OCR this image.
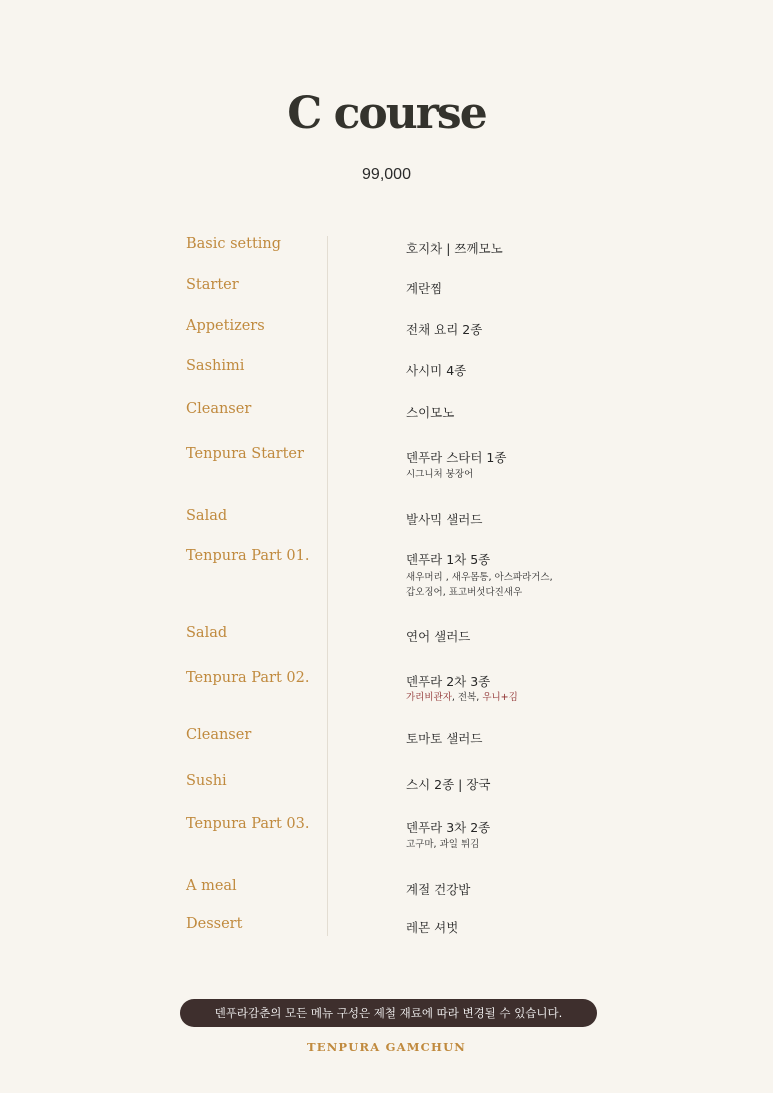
C course
99,000
Basic setting	호지차 | 쯔께모노
Starter	계란찜
Appetizers	전채 요리 2종
Sashimi	사시미 4종
Cleanser	스이모노
Tenpura Starter	덴푸라 스타터 1종
시그니처 붕장어
Salad	발사믹 샐러드
Tenpura Part 01.	덴푸라 1차 5종
새우머리 , 새우몸통, 아스파라거스,
갑오징어, 표고버섯다진새우
Salad	연어 샐러드
Tenpura Part 02.	덴푸라 2차 3종
가리비관자, 전복, 우니+김
Cleanser	토마토 샐러드
Sushi	스시 2종 | 장국
Tenpura Part 03.	덴푸라 3차 2종
고구마, 과일 튀김
A meal	계절 건강밥
Dessert	레몬 셔벗
덴푸라감춘의 모든 메뉴 구성은 제철 재료에 따라 변경될 수 있습니다.
TENPURA GAMCHUN
